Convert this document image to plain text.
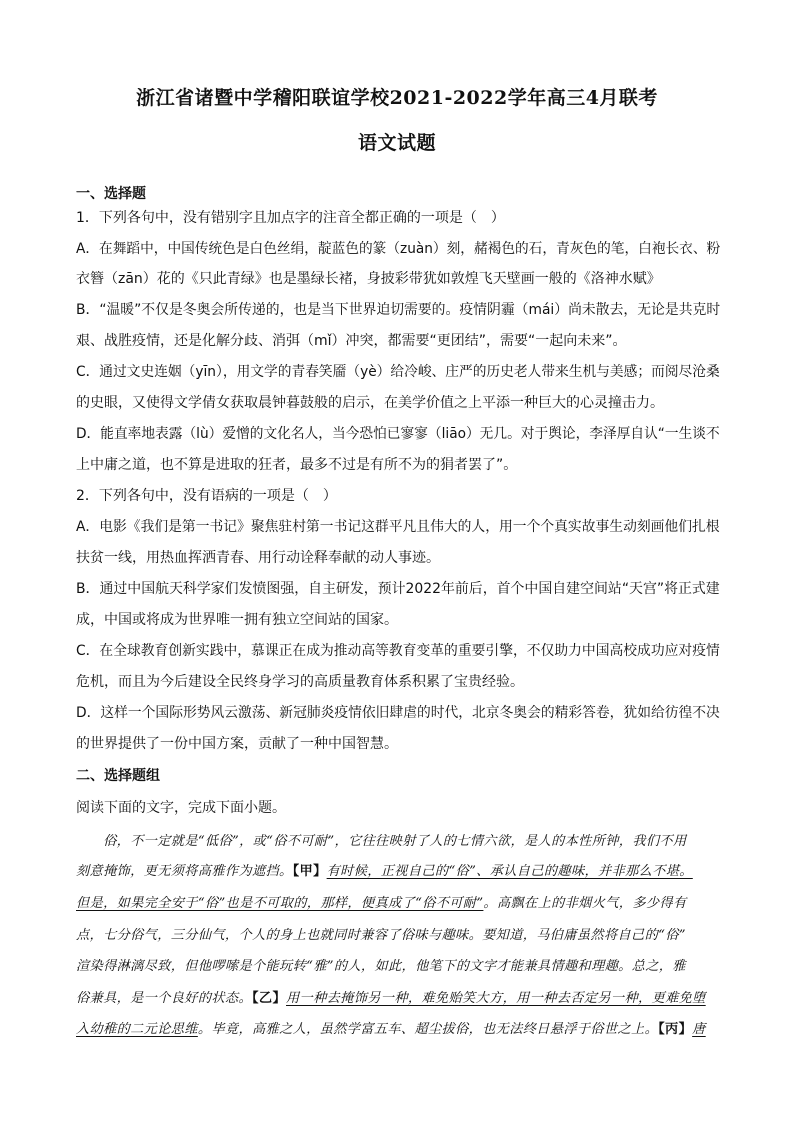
浙江省诸暨中学稽阳联谊学校2021-2022学年高三4月联考
语文试题
一、选择题
1．下列各句中，没有错别字且加点字的注音全都正确的一项是（　）
A．在舞蹈中，中国传统色是白色丝绢，靛蓝色的篆（zuàn）刻，赭褐色的石，青灰色的笔，白袍长衣、粉
衣簪（zān）花的《只此青绿》也是墨绿长褚，身披彩带犹如敦煌飞天壁画一般的《洛神水赋》
B．“温暖”不仅是冬奥会所传递的，也是当下世界迫切需要的。疫情阴霾（mái）尚未散去，无论是共克时
艰、战胜疫情，还是化解分歧、消弭（mǐ）冲突，都需要“更团结”，需要“一起向未来”。
C．通过文史连姻（yīn），用文学的青春笑靥（yè）给冷峻、庄严的历史老人带来生机与美感；而阅尽沧桑
的史眼，又使得文学倩女获取晨钟暮鼓般的启示，在美学价值之上平添一种巨大的心灵撞击力。
D．能直率地表露（lù）爱憎的文化名人，当今恐怕已寥寥（liāo）无几。对于舆论，李泽厚自认“一生谈不
上中庸之道，也不算是进取的狂者，最多不过是有所不为的狷者罢了”。
2．下列各句中，没有语病的一项是（　）
A．电影《我们是第一书记》聚焦驻村第一书记这群平凡且伟大的人，用一个个真实故事生动刻画他们扎根
扶贫一线，用热血挥洒青春、用行动诠释奉献的动人事迹。
B．通过中国航天科学家们发愤图强，自主研发，预计2022年前后，首个中国自建空间站“天宫”将正式建
成，中国或将成为世界唯一拥有独立空间站的国家。
C．在全球教育创新实践中，慕课正在成为推动高等教育变革的重要引擎，不仅助力中国高校成功应对疫情
危机，而且为今后建设全民终身学习的高质量教育体系积累了宝贵经验。
D．这样一个国际形势风云激荡、新冠肺炎疫情依旧肆虐的时代，北京冬奥会的精彩答卷，犹如给彷徨不决
的世界提供了一份中国方案，贡献了一种中国智慧。
二、选择题组
阅读下面的文字，完成下面小题。
　　俗，不一定就是“低俗”，或“俗不可耐”，它往往映射了人的七情六欲，是人的本性所钟，我们不用
刻意掩饰，更无须将高雅作为遮挡。【甲】有时候，正视自己的“俗”、承认自己的趣味，并非那么不堪。
但是，如果完全安于“俗”也是不可取的，那样，便真成了“俗不可耐”。高飘在上的非烟火气，多少得有
点，七分俗气，三分仙气，个人的身上也就同时兼容了俗味与趣味。要知道，马伯庸虽然将自己的“俗”
渲染得淋漓尽致，但他啰嗦是个能玩转“雅”的人，如此，他笔下的文字才能兼具情趣和理趣。总之，雅
俗兼具，是一个良好的状态。【乙】用一种去掩饰另一种，难免贻笑大方，用一种去否定另一种，更难免堕
入幼稚的二元论思维。毕竟，高雅之人，虽然学富五车、超尘拔俗，也无法终日悬浮于俗世之上。【丙】唐
